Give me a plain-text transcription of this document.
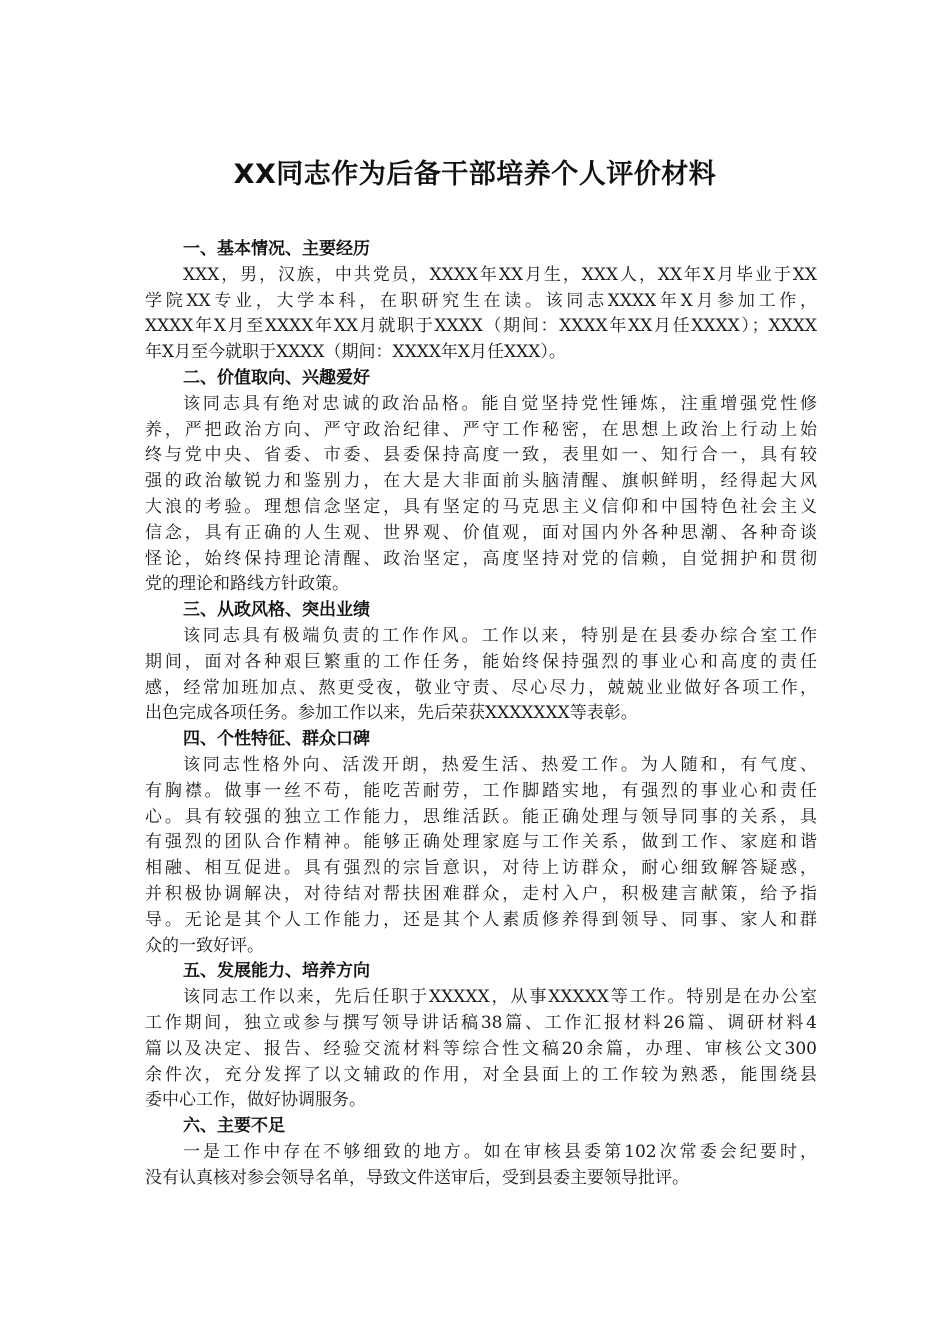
XX同志作为后备干部培养个人评价材料
一、基本情况、主要经历
XXX，男，汉族，中共党员，XXXX年XX月生，XXX人，XX年X月毕业于XX
学院XX专业，大学本科，在职研究生在读。该同志XXXX年X月参加工作，
XXXX年X月至XXXX年XX月就职于XXXX（期间：XXXX年XX月任XXXX）；XXXX
年X月至今就职于XXXX（期间：XXXX年X月任XXX）。
二、价值取向、兴趣爱好
该同志具有绝对忠诚的政治品格。能自觉坚持党性锤炼，注重增强党性修
养，严把政治方向、严守政治纪律、严守工作秘密，在思想上政治上行动上始
终与党中央、省委、市委、县委保持高度一致，表里如一、知行合一，具有较
强的政治敏锐力和鉴别力，在大是大非面前头脑清醒、旗帜鲜明，经得起大风
大浪的考验。理想信念坚定，具有坚定的马克思主义信仰和中国特色社会主义
信念，具有正确的人生观、世界观、价值观，面对国内外各种思潮、各种奇谈
怪论，始终保持理论清醒、政治坚定，高度坚持对党的信赖，自觉拥护和贯彻
党的理论和路线方针政策。
三、从政风格、突出业绩
该同志具有极端负责的工作作风。工作以来，特别是在县委办综合室工作
期间，面对各种艰巨繁重的工作任务，能始终保持强烈的事业心和高度的责任
感，经常加班加点、熬更受夜，敬业守责、尽心尽力，兢兢业业做好各项工作，
出色完成各项任务。参加工作以来，先后荣获XXXXXXX等表彰。
四、个性特征、群众口碑
该同志性格外向、活泼开朗，热爱生活、热爱工作。为人随和，有气度、
有胸襟。做事一丝不苟，能吃苦耐劳，工作脚踏实地，有强烈的事业心和责任
心。具有较强的独立工作能力，思维活跃。能正确处理与领导同事的关系，具
有强烈的团队合作精神。能够正确处理家庭与工作关系，做到工作、家庭和谐
相融、相互促进。具有强烈的宗旨意识，对待上访群众，耐心细致解答疑惑，
并积极协调解决，对待结对帮扶困难群众，走村入户，积极建言献策，给予指
导。无论是其个人工作能力，还是其个人素质修养得到领导、同事、家人和群
众的一致好评。
五、发展能力、培养方向
该同志工作以来，先后任职于XXXXX，从事XXXXX等工作。特别是在办公室
工作期间，独立或参与撰写领导讲话稿38篇、工作汇报材料26篇、调研材料4
篇以及决定、报告、经验交流材料等综合性文稿20余篇，办理、审核公文300
余件次，充分发挥了以文辅政的作用，对全县面上的工作较为熟悉，能围绕县
委中心工作，做好协调服务。
六、主要不足
一是工作中存在不够细致的地方。如在审核县委第102次常委会纪要时，
没有认真核对参会领导名单，导致文件送审后，受到县委主要领导批评。
